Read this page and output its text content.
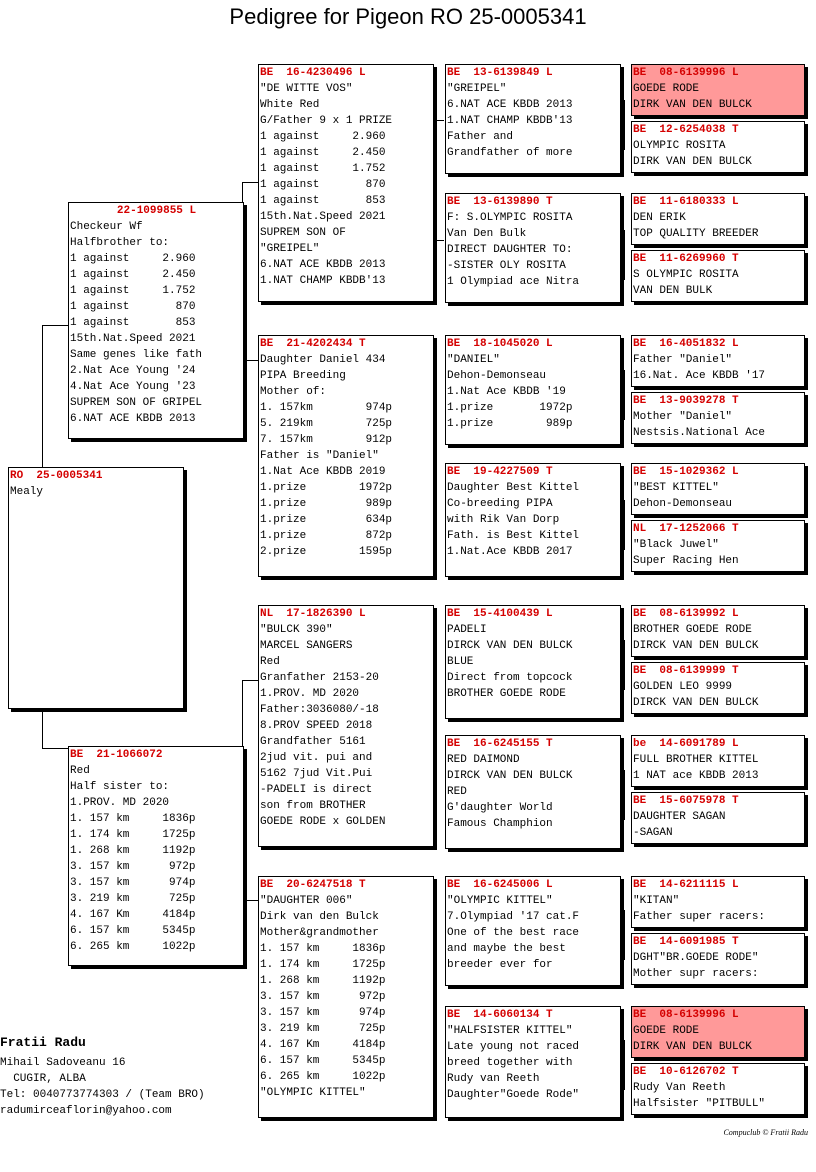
Pedigree for Pigeon RO 25-0005341
RO  25-0005341
Mealy
22-1099855 L
Checkeur Wf
Halfbrother to:
1 against     2.960
1 against     2.450
1 against     1.752
1 against       870
1 against       853
15th.Nat.Speed 2021
Same genes like fath
2.Nat Ace Young '24
4.Nat Ace Young '23
SUPREM SON OF GRIPEL
6.NAT ACE KBDB 2013
BE  21-1066072
Red
Half sister to:
1.PROV. MD 2020
1. 157 km     1836p
1. 174 km     1725p
1. 268 km     1192p
3. 157 km      972p
3. 157 km      974p
3. 219 km      725p
4. 167 Km     4184p
6. 157 km     5345p
6. 265 km     1022p
BE  16-4230496 L
"DE WITTE VOS"
White Red
G/Father 9 x 1 PRIZE
1 against     2.960
1 against     2.450
1 against     1.752
1 against       870
1 against       853
15th.Nat.Speed 2021
SUPREM SON OF
"GREIPEL"
6.NAT ACE KBDB 2013
1.NAT CHAMP KBDB'13
BE  21-4202434 T
Daughter Daniel 434
PIPA Breeding
Mother of:
1. 157km        974p
5. 219km        725p
7. 157km        912p
Father is "Daniel"
1.Nat Ace KBDB 2019
1.prize        1972p
1.prize         989p
1.prize         634p
1.prize         872p
2.prize        1595p
NL  17-1826390 L
"BULCK 390"
MARCEL SANGERS
Red
Granfather 2153-20
1.PROV. MD 2020
Father:3036080/-18
8.PROV SPEED 2018
Grandfather 5161
2jud vit. pui and
5162 7jud Vit.Pui
-PADELI is direct
son from BROTHER
GOEDE RODE x GOLDEN
BE  20-6247518 T
"DAUGHTER 006"
Dirk van den Bulck
Mother&grandmother
1. 157 km     1836p
1. 174 km     1725p
1. 268 km     1192p
3. 157 km      972p
3. 157 km      974p
3. 219 km      725p
4. 167 Km     4184p
6. 157 km     5345p
6. 265 km     1022p
"OLYMPIC KITTEL"
BE  13-6139849 L
"GREIPEL"
6.NAT ACE KBDB 2013
1.NAT CHAMP KBDB'13
Father and
Grandfather of more
BE  13-6139890 T
F: S.OLYMPIC ROSITA
Van Den Bulk
DIRECT DAUGHTER TO:
-SISTER OLY ROSITA
1 Olympiad ace Nitra
BE  18-1045020 L
"DANIEL"
Dehon-Demonseau
1.Nat Ace KBDB '19
1.prize       1972p
1.prize        989p
BE  19-4227509 T
Daughter Best Kittel
Co-breeding PIPA
with Rik Van Dorp
Fath. is Best Kittel
1.Nat.Ace KBDB 2017
BE  15-4100439 L
PADELI
DIRCK VAN DEN BULCK
BLUE
Direct from topcock
BROTHER GOEDE RODE
BE  16-6245155 T
RED DAIMOND
DIRCK VAN DEN BULCK
RED
G'daughter World
Famous Champhion
BE  16-6245006 L
"OLYMPIC KITTEL"
7.Olympiad '17 cat.F
One of the best race
and maybe the best
breeder ever for
BE  14-6060134 T
"HALFSISTER KITTEL"
Late young not raced
breed together with
Rudy van Reeth
Daughter"Goede Rode"
BE  08-6139996 L
GOEDE RODE
DIRK VAN DEN BULCK
BE  12-6254038 T
OLYMPIC ROSITA
DIRK VAN DEN BULCK
BE  11-6180333 L
DEN ERIK
TOP QUALITY BREEDER
BE  11-6269960 T
S OLYMPIC ROSITA
VAN DEN BULK
BE  16-4051832 L
Father "Daniel"
16.Nat. Ace KBDB '17
BE  13-9039278 T
Mother "Daniel"
Nestsis.National Ace
BE  15-1029362 L
"BEST KITTEL"
Dehon-Demonseau
NL  17-1252066 T
"Black Juwel"
Super Racing Hen
BE  08-6139992 L
BROTHER GOEDE RODE
DIRCK VAN DEN BULCK
BE  08-6139999 T
GOLDEN LEO 9999
DIRCK VAN DEN BULCK
be  14-6091789 L
FULL BROTHER KITTEL
1 NAT ace KBDB 2013
BE  15-6075978 T
DAUGHTER SAGAN
-SAGAN
BE  14-6211115 L
"KITAN"
Father super racers:
BE  14-6091985 T
DGHT"BR.GOEDE RODE"
Mother supr racers:
BE  08-6139996 L
GOEDE RODE
DIRK VAN DEN BULCK
BE  10-6126702 T
Rudy Van Reeth
Halfsister "PITBULL"
Fratii Radu
Mihail Sadoveanu 16
CUGIR, ALBA
Tel: 0040773774303 / (Team BRO)
radumirceaflorin@yahoo.com
Compuclub © Fratii Radu
